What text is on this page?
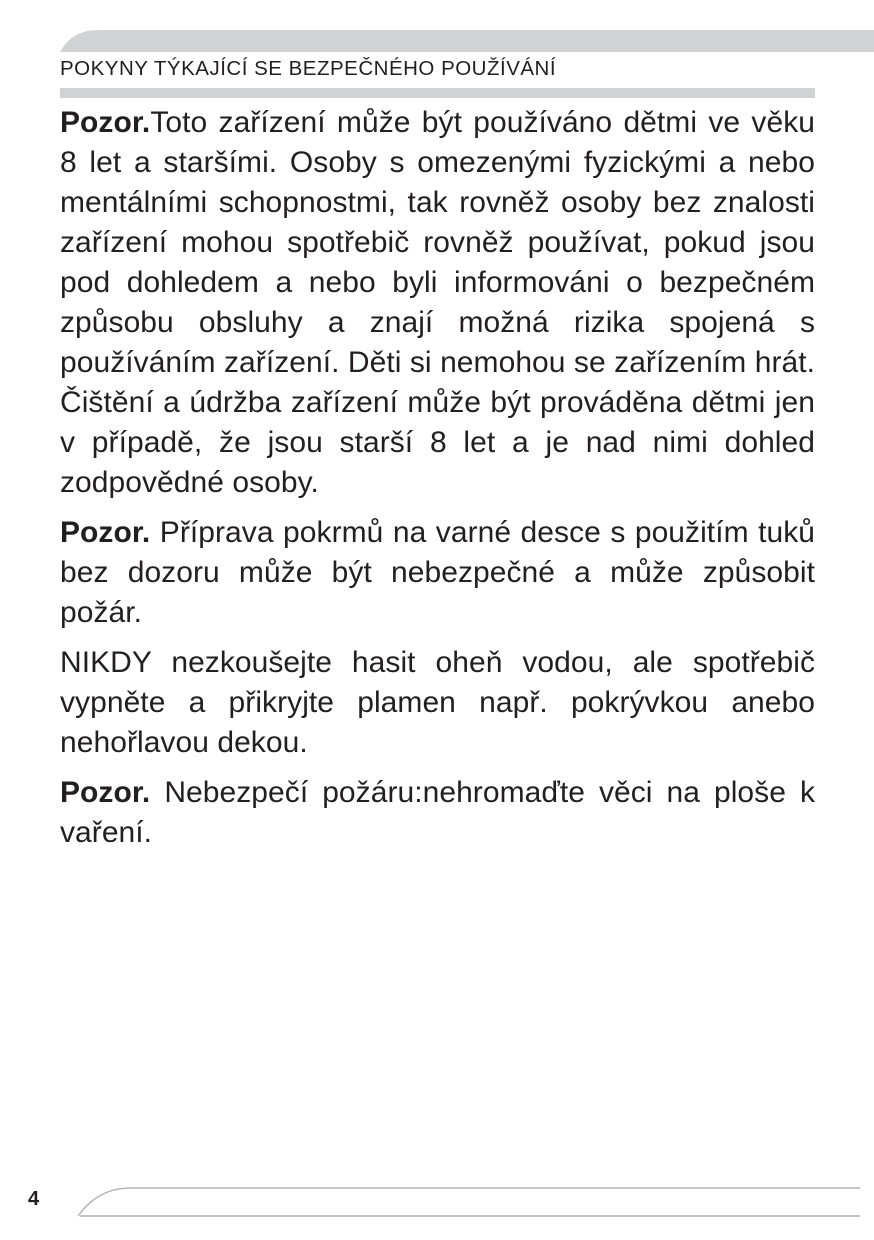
POKYNY TÝKAJÍCÍ SE BEZPEČNÉHO POUŽÍVÁNÍ

Pozor.Toto zařízení může být používáno dětmi ve věku 8 let a staršími. Osoby s omezenými fyzickými a nebo mentálními schopnostmi, tak rovněž osoby bez znalosti zařízení mohou spotřebič rovněž používat, pokud jsou pod dohledem a nebo byli informováni o bezpečném způsobu obsluhy a znají možná rizika spojená s používáním zařízení. Děti si nemohou se zařízením hrát. Čištění a údržba zařízení může být prováděna dětmi jen v případě, že jsou starší 8 let a je nad nimi dohled zodpovědné osoby.

Pozor. Příprava pokrmů na varné desce s použitím tuků bez dozoru může být nebezpečné a může způsobit požár.

NIKDY nezkoušejte hasit oheň vodou, ale spotřebič vypněte a přikryjte plamen např. pokrývkou anebo nehořlavou dekou.

Pozor. Nebezpečí požáru:nehromaďte věci na ploše k vaření.

4
